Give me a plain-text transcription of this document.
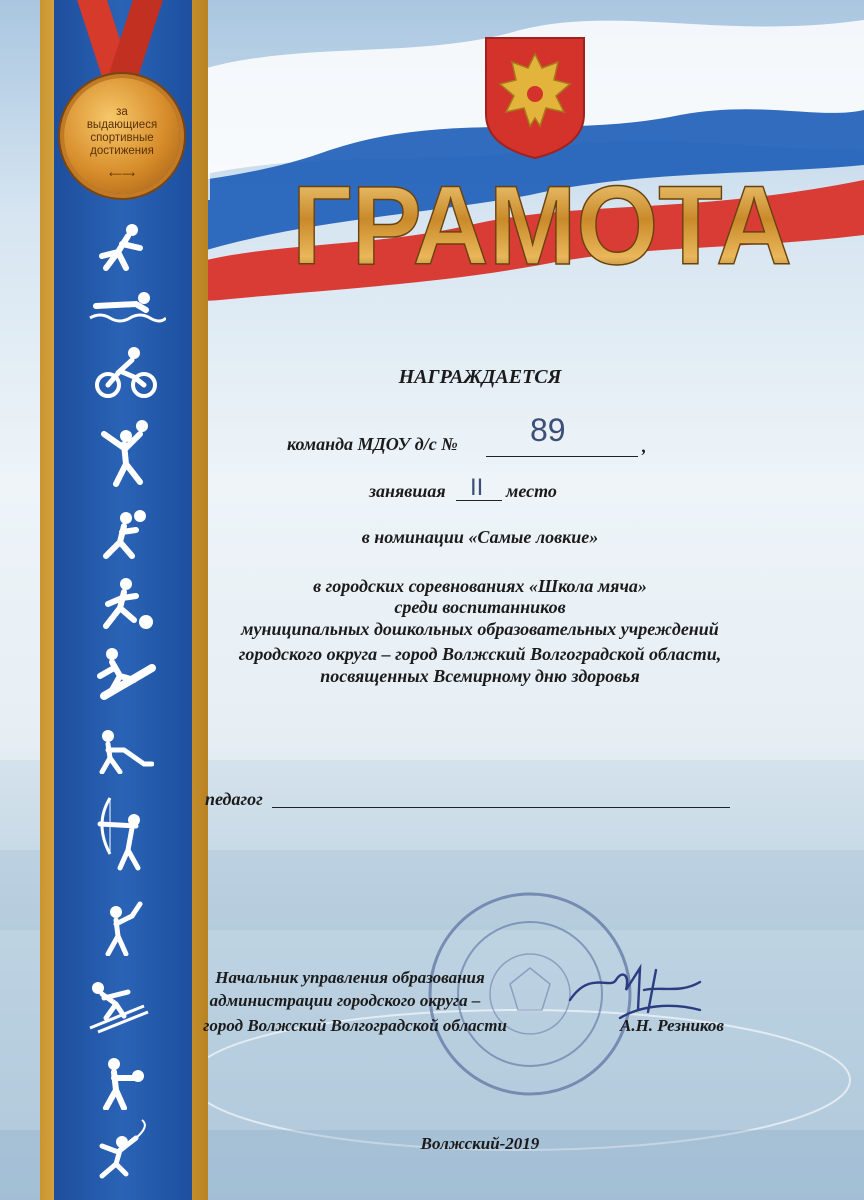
за
выдающиеся
спортивные
достижения
⟵⟶	ГРАМОТА
НАГРАЖДАЕТСЯ
команда МДОУ д/с № 89	,
занявшая II место
в номинации «Самые ловкие»
в городских соревнованиях «Школа мяча»
среди воспитанников
муниципальных дошкольных образовательных учреждений
городского округа – город Волжский Волгоградской области,
посвященных Всемирному дню здоровья
педагог
Начальник управления образования
администрации городского округа –
город Волжский Волгоградской области	А.Н. Резников
Волжский-2019
